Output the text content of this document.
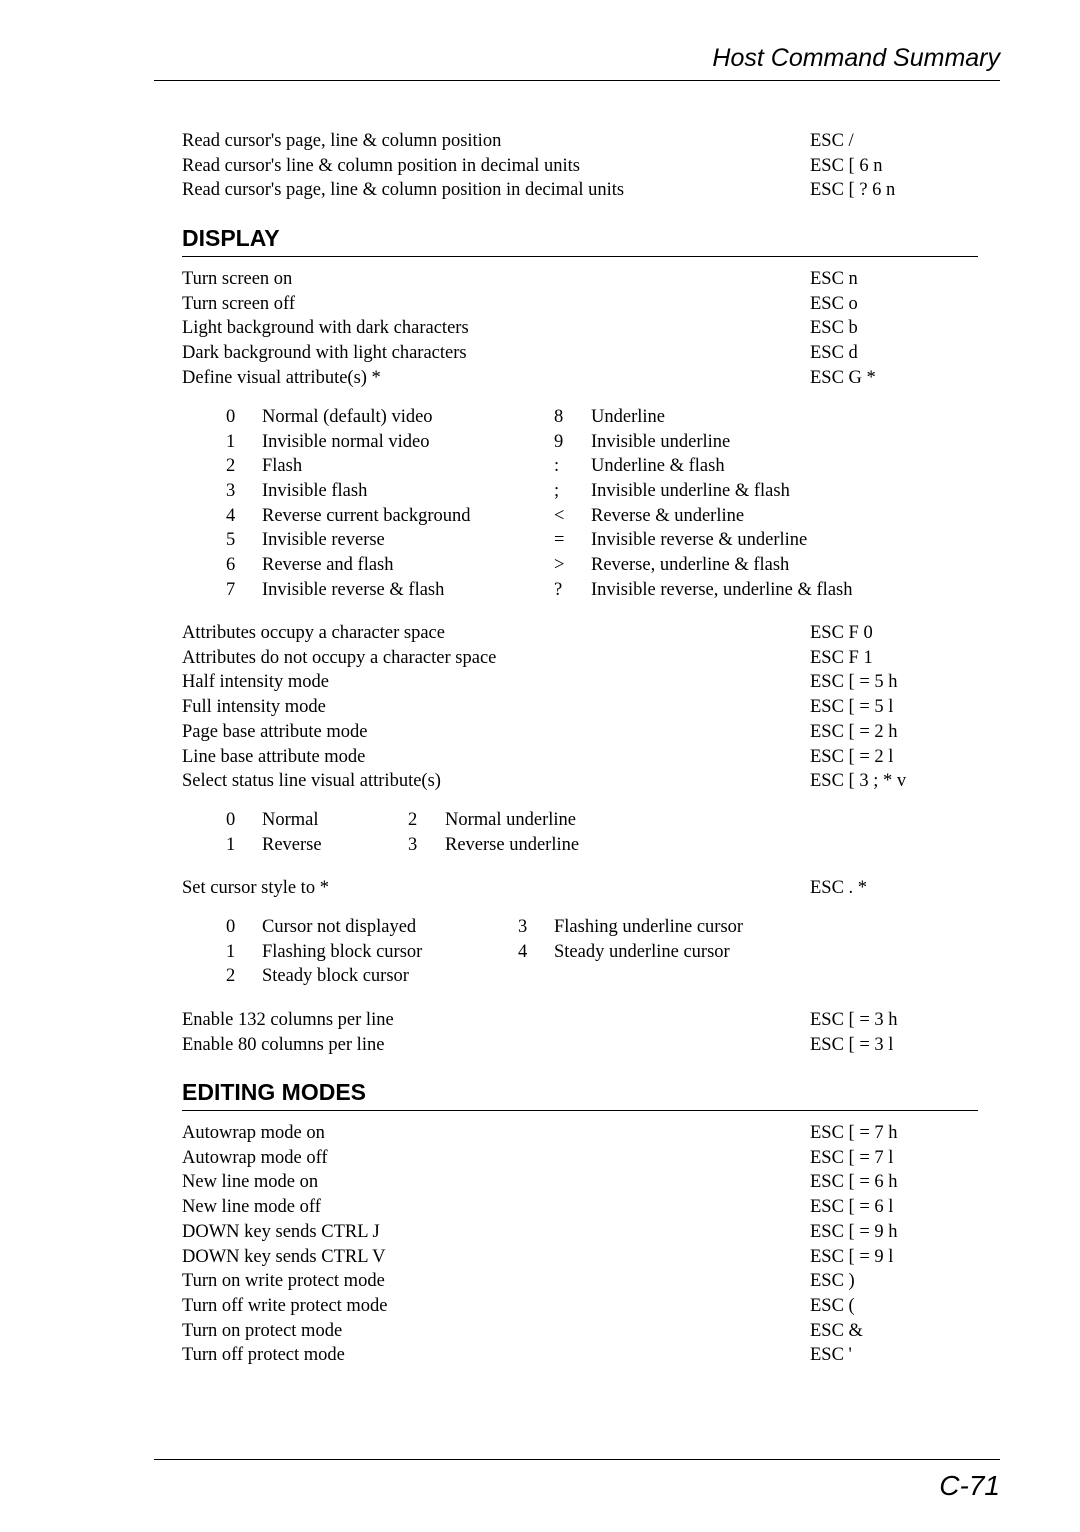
Host Command Summary
Read cursor's page, line & column position	ESC /
Read cursor's line & column position in decimal units	ESC [ 6 n
Read cursor's page, line & column position in decimal units	ESC [ ? 6 n
DISPLAY
Turn screen on	ESC n
Turn screen off	ESC o
Light background with dark characters	ESC b
Dark background with light characters	ESC d
Define visual attribute(s) *	ESC G *
0 Normal (default) video	8 Underline
1 Invisible normal video	9 Invisible underline
2 Flash	: Underline & flash
3 Invisible flash	; Invisible underline & flash
4 Reverse current background	< Reverse & underline
5 Invisible reverse	= Invisible reverse & underline
6 Reverse and flash	> Reverse, underline & flash
7 Invisible reverse & flash	? Invisible reverse, underline & flash
Attributes occupy a character space	ESC F 0
Attributes do not occupy a character space	ESC F 1
Half intensity mode	ESC [ = 5 h
Full intensity mode	ESC [ = 5 l
Page base attribute mode	ESC [ = 2 h
Line base attribute mode	ESC [ = 2 l
Select status line visual attribute(s)	ESC [ 3 ; * v
0 Normal	2 Normal underline
1 Reverse	3 Reverse underline
Set cursor style to *	ESC . *
0 Cursor not displayed	3 Flashing underline cursor
1 Flashing block cursor	4 Steady underline cursor
2 Steady block cursor
Enable 132 columns per line	ESC [ = 3 h
Enable 80 columns per line	ESC [ = 3 l
EDITING MODES
Autowrap mode on	ESC [ = 7 h
Autowrap mode off	ESC [ = 7 l
New line mode on	ESC [ = 6 h
New line mode off	ESC [ = 6 l
DOWN key sends CTRL J	ESC [ = 9 h
DOWN key sends CTRL V	ESC [ = 9 l
Turn on write protect mode	ESC )
Turn off write protect mode	ESC (
Turn on protect mode	ESC &
Turn off protect mode	ESC '
C-71
